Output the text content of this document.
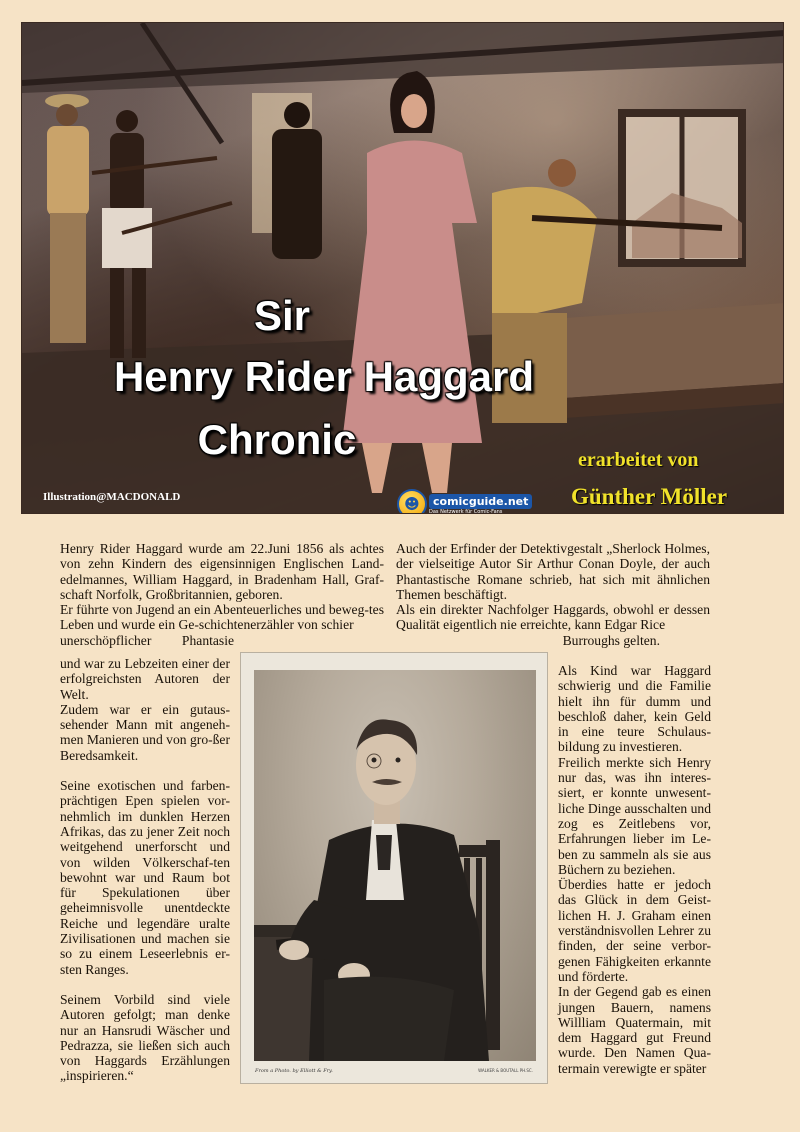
Sir
Henry Rider Haggard
Chronic	erarbeitet von
Günther Möller
Illustration@MACDONALD	☻	comicguide.net
Das Netzwerk für Comic-Fans

Henry Rider Haggard wurde am 22.Juni 1856 als achtes von zehn Kindern des eigensinnigen Englischen Land-edelmannes, William Haggard, in Bradenham Hall, Graf-schaft Norfolk, Großbritannien, geboren.

Er führte von Jugend an ein Abenteuerliches und beweg-tes Leben und wurde ein Ge-schichtenerzähler von schier

unerschöpflicher         Phantasie

und war zu Lebzeiten einer der erfolgreichsten Autoren der Welt.

Zudem war er ein gutaus-sehender Mann mit angeneh-men Manieren und von gro-ßer Beredsamkeit.

Seine exotischen und farben-prächtigen Epen spielen vor-nehmlich im dunklen Herzen Afrikas, das zu jener Zeit noch weitgehend unerforscht und von wilden Völkerschaf-ten bewohnt war und Raum bot für Spekulationen über geheimnisvolle unentdeckte Reiche und legendäre uralte Zivilisationen und machen sie so zu einem Leseerlebnis er-sten Ranges.

Seinem Vorbild sind viele Autoren gefolgt; man denke nur an Hansrudi Wäscher und Pedrazza, sie ließen sich auch von Haggards Erzählungen „inspirieren.“

Auch der Erfinder der Detektivgestalt „Sherlock Holmes, der vielseitige Autor Sir Arthur Conan Doyle, der auch Phantastische Romane schrieb, hat sich mit ähnlichen Themen beschäftigt.

Als ein direkter Nachfolger Haggards, obwohl er dessen Qualität eigentlich nie erreichte, kann Edgar Rice

Burroughs gelten.

Als Kind war Haggard schwierig und die Familie hielt ihn für dumm und beschloß daher, kein Geld in eine teure Schulaus-bildung zu investieren.

Freilich merkte sich Henry nur das, was ihn interes-siert, er konnte unwesent-liche Dinge ausschalten und zog es Zeitlebens vor, Erfahrungen lieber im Le-ben zu sammeln als sie aus Büchern zu beziehen.

Überdies hatte er jedoch das Glück in dem Geist-lichen H. J. Graham einen verständnisvollen Lehrer zu finden, der seine verbor-genen Fähigkeiten erkannte und förderte.

In der Gegend gab es einen jungen Bauern, namens Willliam Quatermain, mit dem Haggard gut Freund wurde. Den Namen Qua-termain verewigte er später

From a Photo. by Elliott & Fry.	WALKER & BOUTALL PH.SC.
